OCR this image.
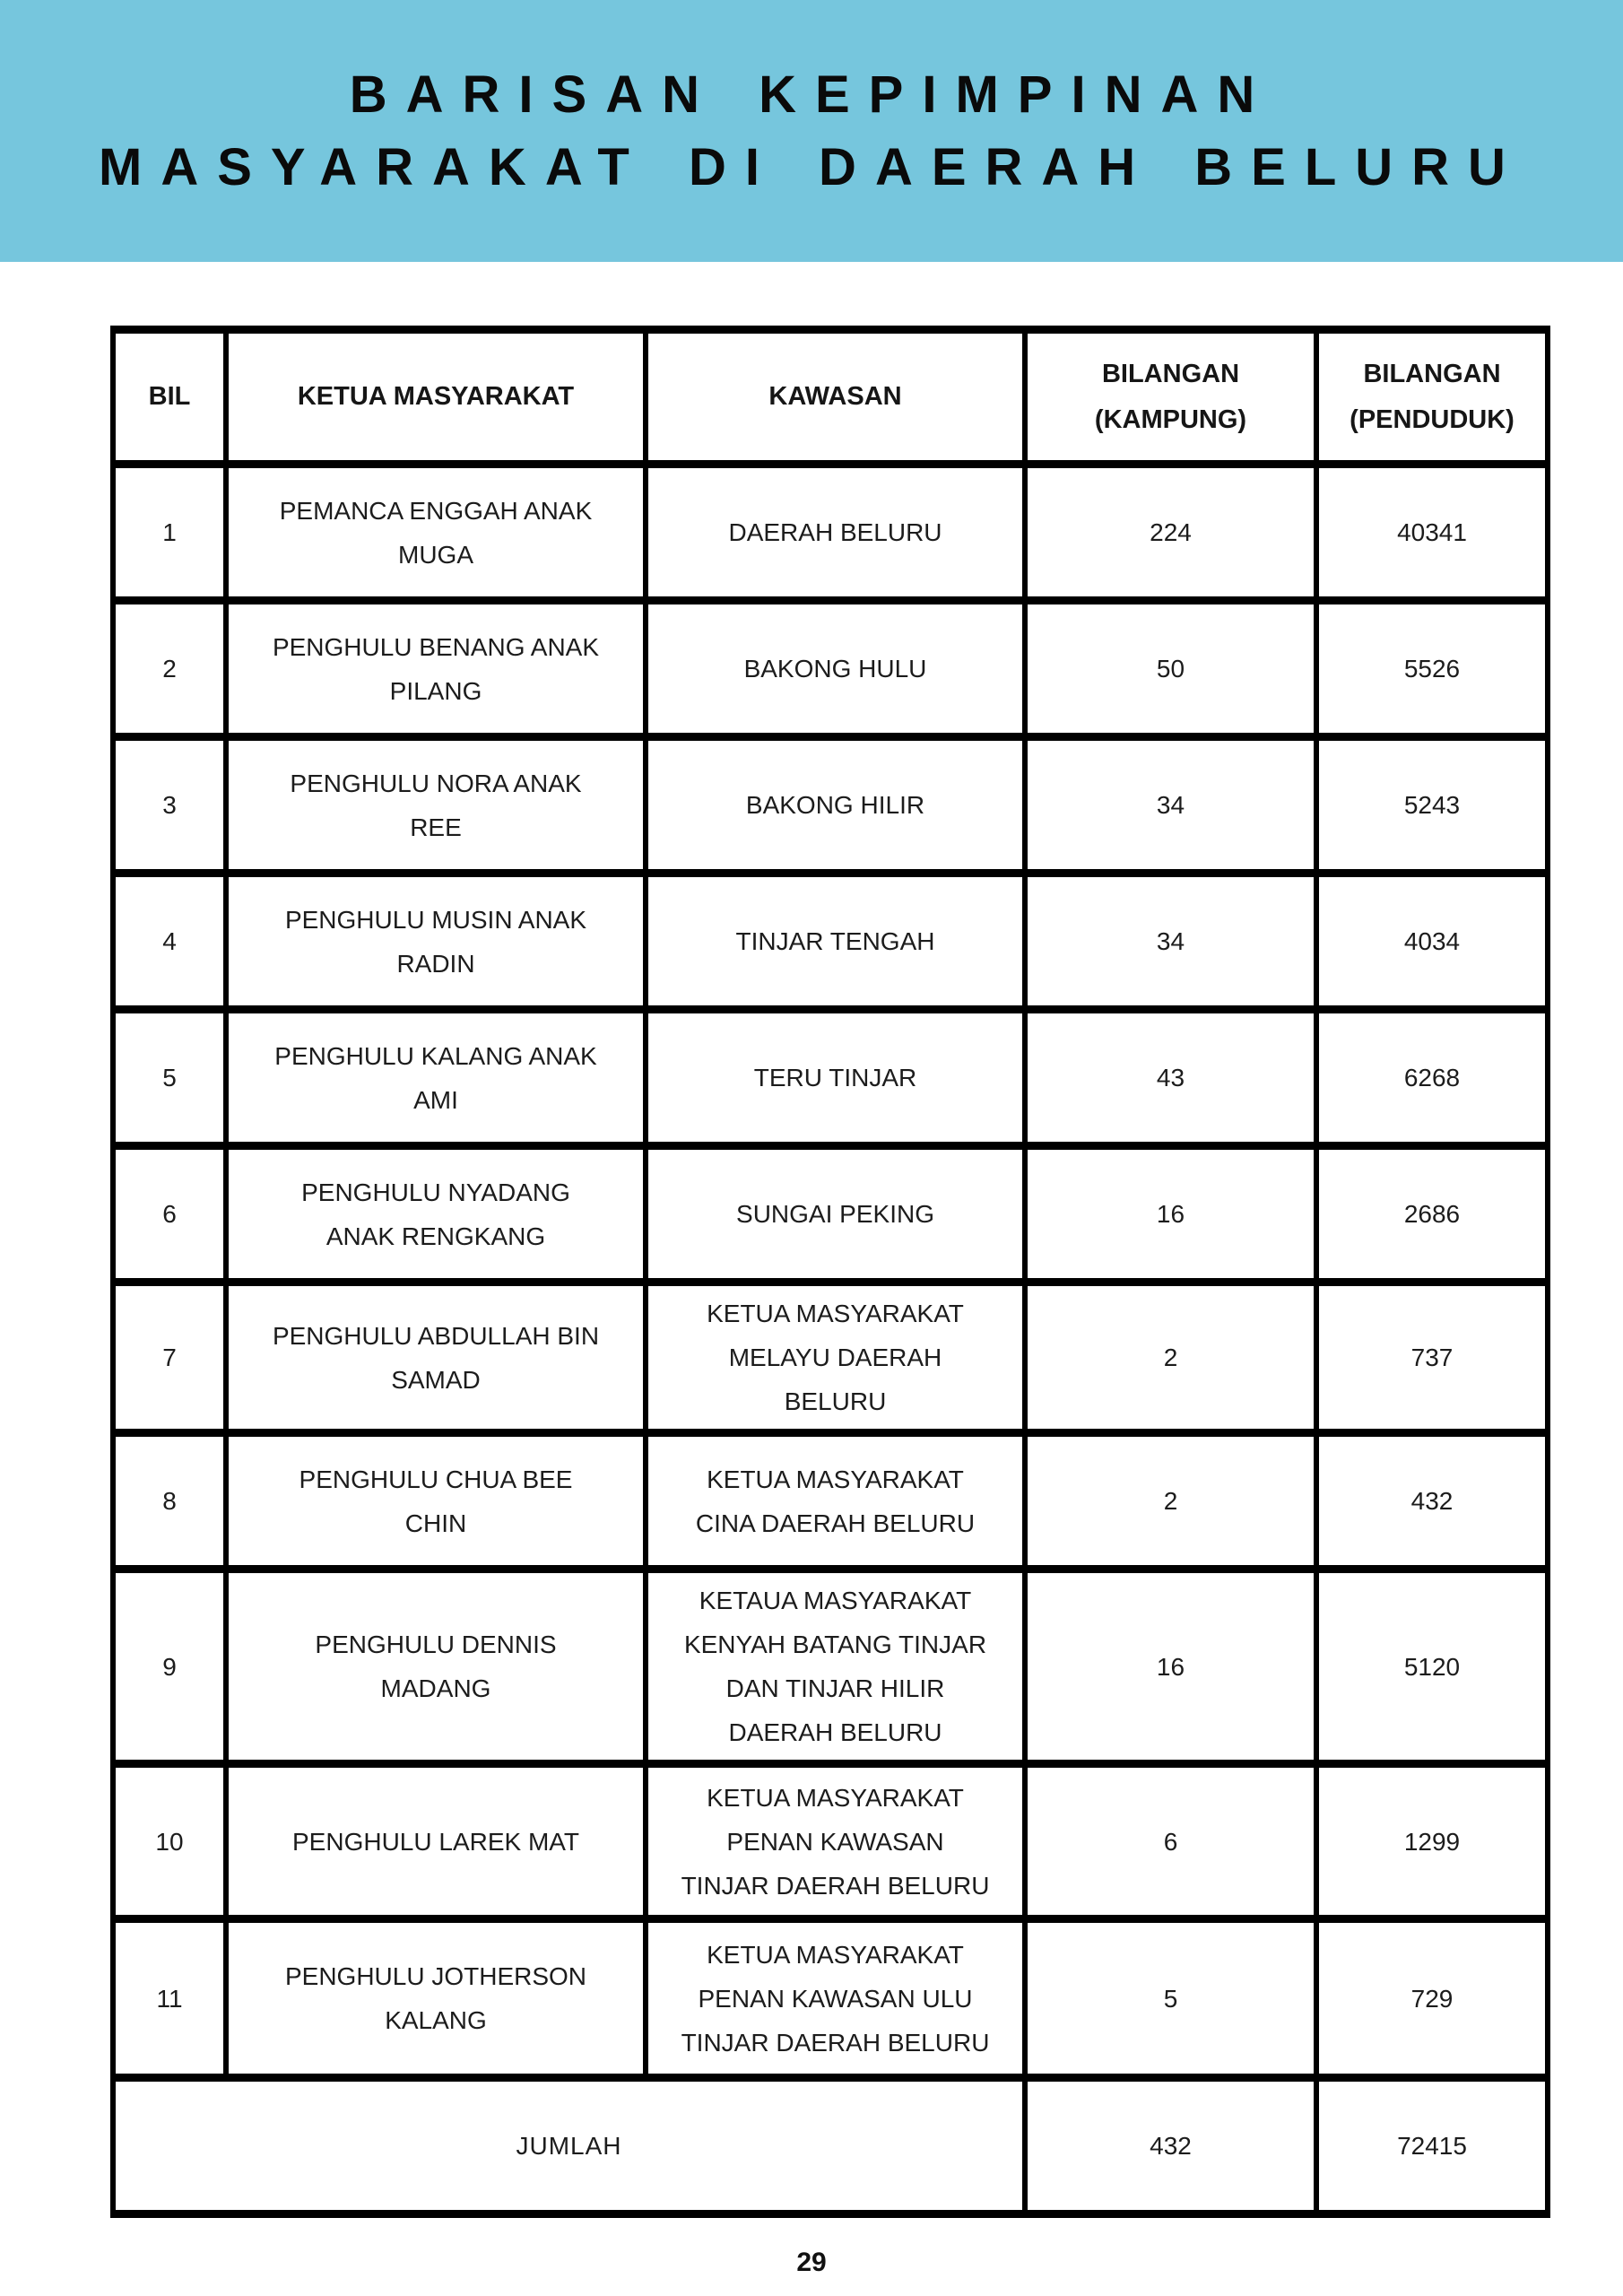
BARISAN KEPIMPINAN
MASYARAKAT DI DAERAH BELURU
BIL	KETUA MASYARAKAT	KAWASAN	BILANGAN (KAMPUNG)	BILANGAN (PENDUDUK)
1	PEMANCA ENGGAH ANAK MUGA	DAERAH BELURU	224	40341
2	PENGHULU BENANG ANAK PILANG	BAKONG HULU	50	5526
3	PENGHULU NORA ANAK REE	BAKONG HILIR	34	5243
4	PENGHULU MUSIN ANAK RADIN	TINJAR TENGAH	34	4034
5	PENGHULU KALANG ANAK AMI	TERU TINJAR	43	6268
6	PENGHULU NYADANG ANAK RENGKANG	SUNGAI PEKING	16	2686
7	PENGHULU ABDULLAH BIN SAMAD	KETUA MASYARAKAT MELAYU DAERAH BELURU	2	737
8	PENGHULU CHUA BEE CHIN	KETUA MASYARAKAT CINA DAERAH BELURU	2	432
9	PENGHULU DENNIS MADANG	KETAUA MASYARAKAT KENYAH BATANG TINJAR DAN TINJAR HILIR DAERAH BELURU	16	5120
10	PENGHULU LAREK MAT	KETUA MASYARAKAT PENAN KAWASAN TINJAR DAERAH BELURU	6	1299
11	PENGHULU JOTHERSON KALANG	KETUA MASYARAKAT PENAN KAWASAN ULU TINJAR DAERAH BELURU	5	729
JUMLAH			432	72415
29
